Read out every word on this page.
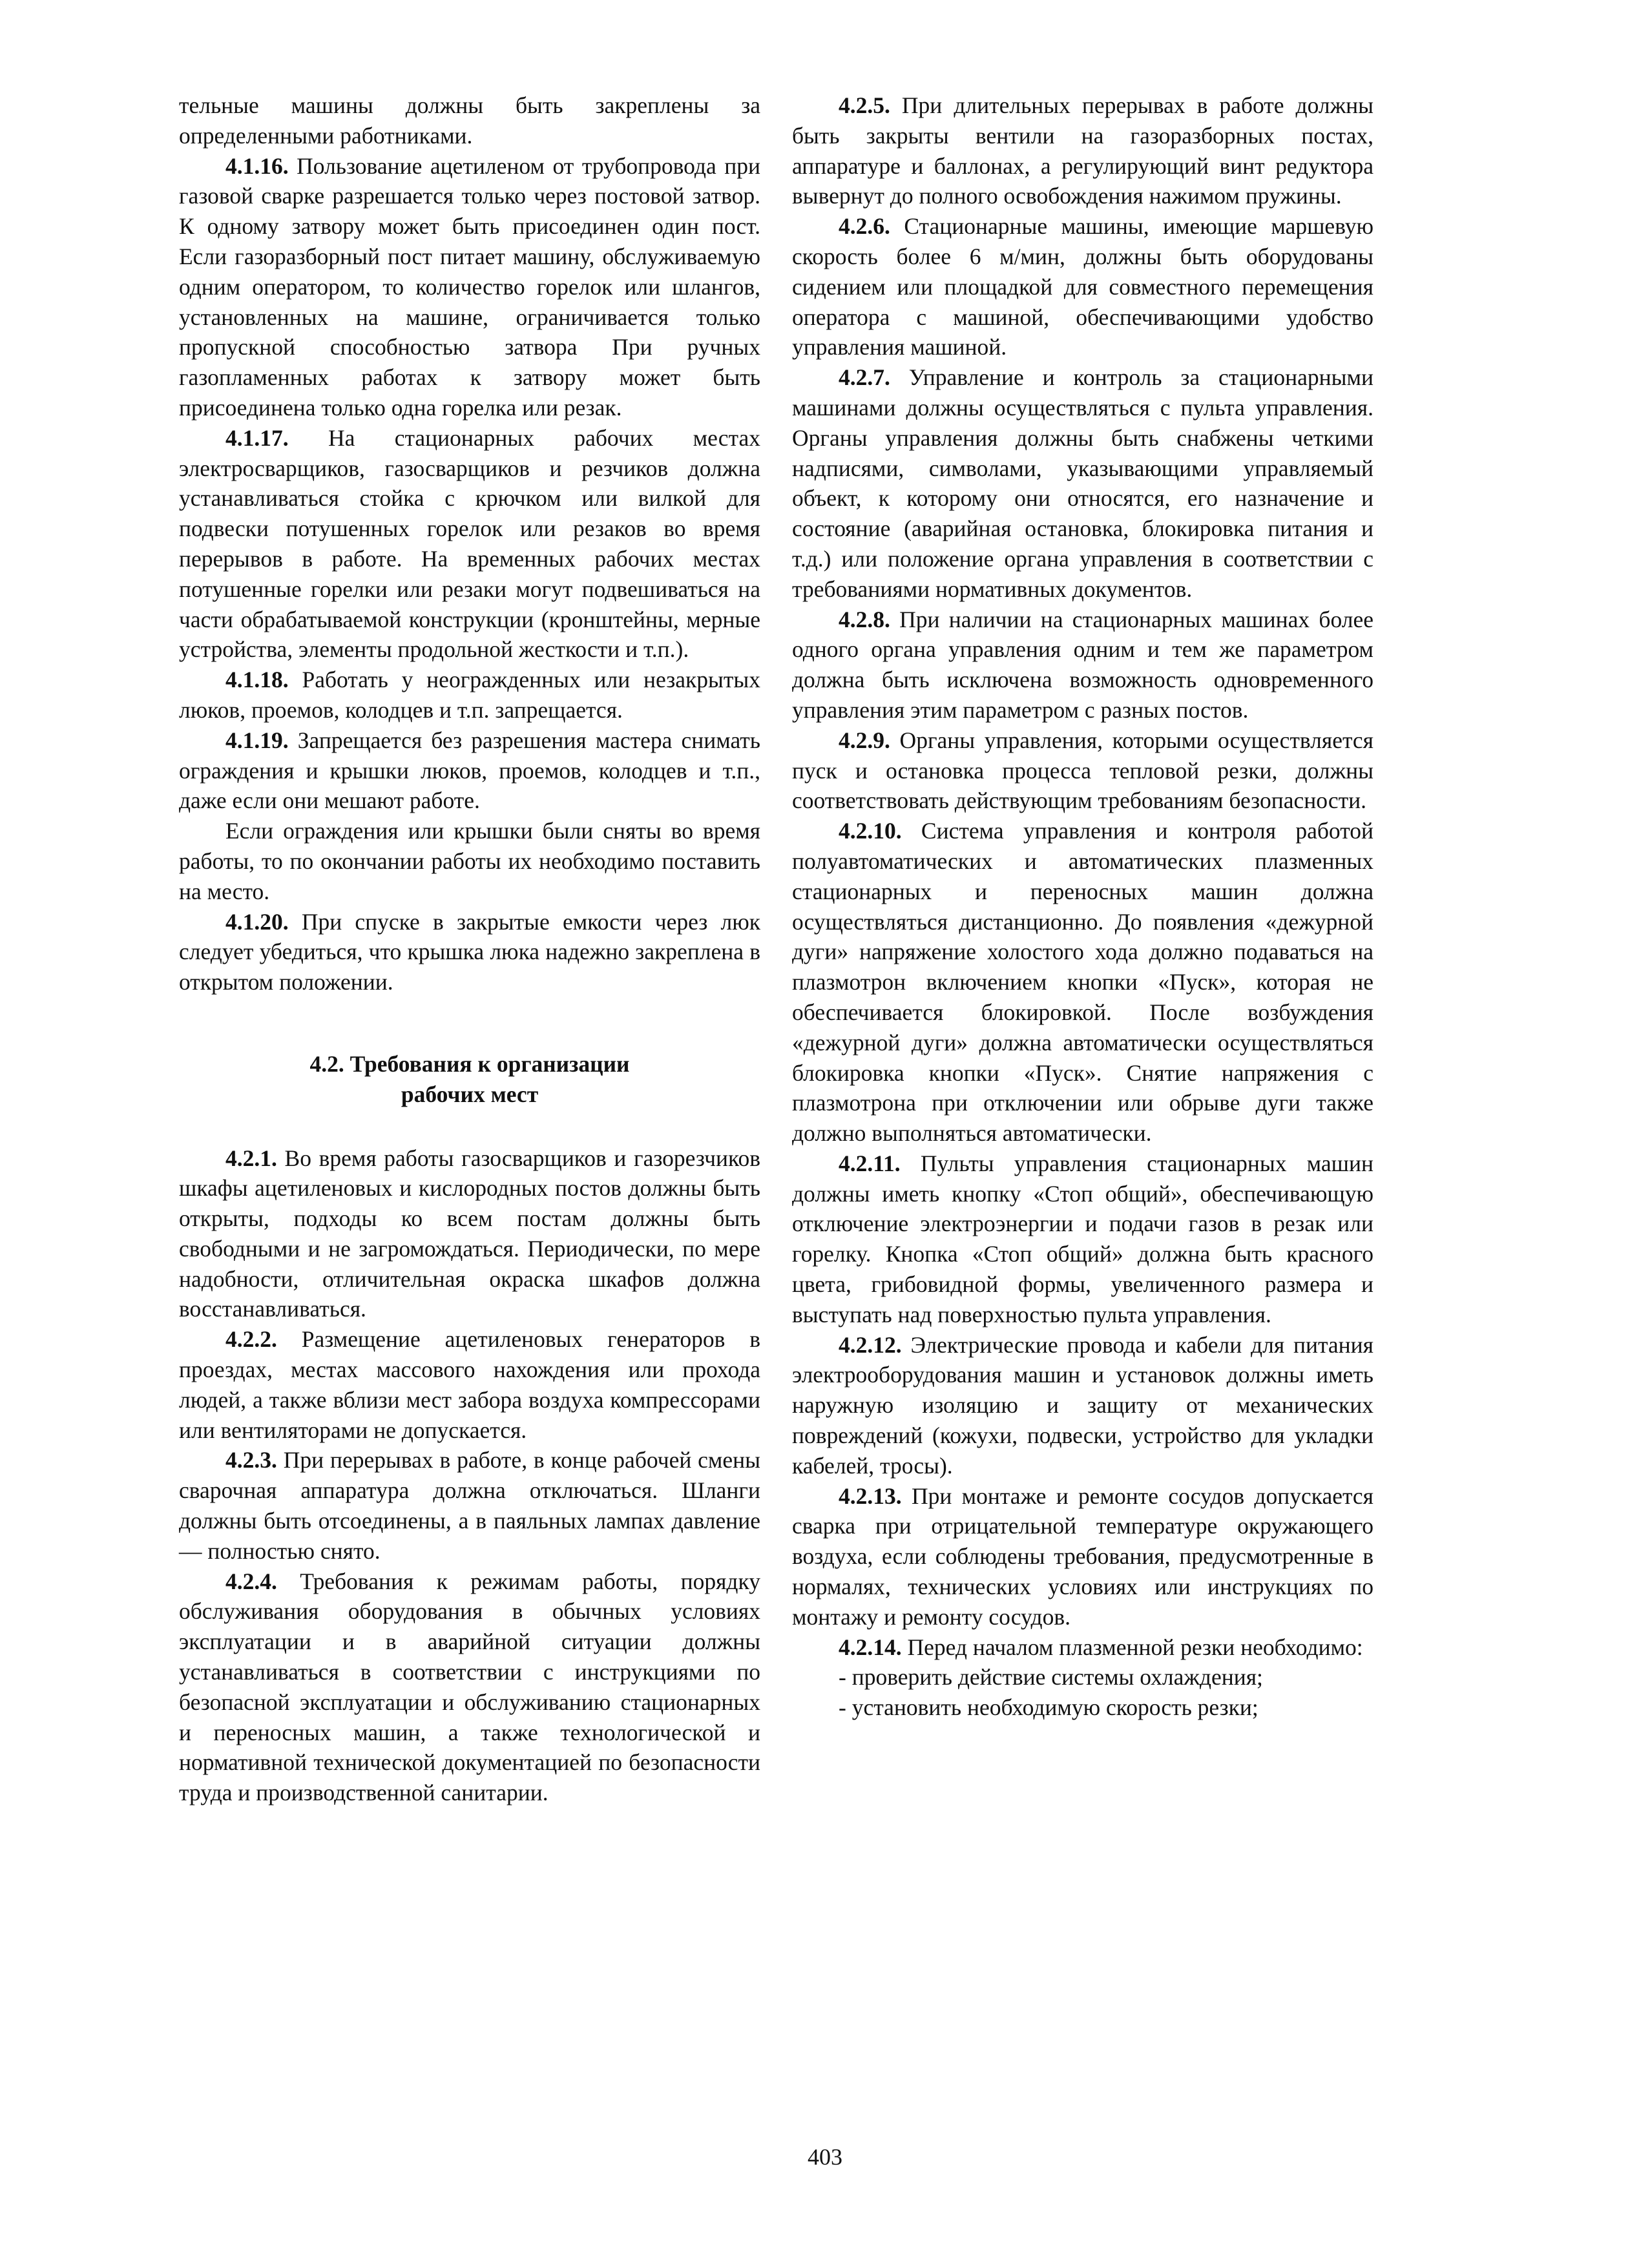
тельные машины должны быть закреплены за определенными работниками.

4.1.16. Пользование ацетиленом от трубопровода при газовой сварке разрешается только через постовой затвор. К одному затвору может быть присоединен один пост. Если газоразборный пост питает машину, обслуживаемую одним оператором, то количество горелок или шлангов, установленных на машине, ограничивается только пропускной способностью затвора При ручных газопламенных работах к затвору может быть присоединена только одна горелка или резак.

4.1.17. На стационарных рабочих местах электросварщиков, газосварщиков и резчиков должна устанавливаться стойка с крючком или вилкой для подвески потушенных горелок или резаков во время перерывов в работе. На временных рабочих местах потушенные горелки или резаки могут подвешиваться на части обрабатываемой конструкции (кронштейны, мерные устройства, элементы продольной жесткости и т.п.).

4.1.18. Работать у неогражденных или незакрытых люков, проемов, колодцев и т.п. запрещается.

4.1.19. Запрещается без разрешения мастера снимать ограждения и крышки люков, проемов, колодцев и т.п., даже если они мешают работе.

Если ограждения или крышки были сняты во время работы, то по окончании работы их необходимо поставить на место.

4.1.20. При спуске в закрытые емкости через люк следует убедиться, что крышка люка надежно закреплена в открытом положении.

4.2. Требования к организации
рабочих мест

4.2.1. Во время работы газосварщиков и газорезчиков шкафы ацетиленовых и кислородных постов должны быть открыты, подходы ко всем постам должны быть свободными и не загромождаться. Периодически, по мере надобности, отличительная окраска шкафов должна восстанавливаться.

4.2.2. Размещение ацетиленовых генераторов в проездах, местах массового нахождения или прохода людей, а также вблизи мест забора воздуха компрессорами или вентиляторами не допускается.

4.2.3. При перерывах в работе, в конце рабочей смены сварочная аппаратура должна отключаться. Шланги должны быть отсоединены, а в паяльных лампах давление — полностью снято.

4.2.4. Требования к режимам работы, порядку обслуживания оборудования в обычных условиях эксплуатации и в аварийной ситуации должны устанавливаться в соответствии с инструкциями по безопасной эксплуатации и обслуживанию стационарных и переносных машин, а также технологической и нормативной технической документацией по безопасности труда и производственной санитарии.

4.2.5. При длительных перерывах в работе должны быть закрыты вентили на газоразборных постах, аппаратуре и баллонах, а регулирующий винт редуктора вывернут до полного освобождения нажимом пружины.

4.2.6. Стационарные машины, имеющие маршевую скорость более 6 м/мин, должны быть оборудованы сидением или площадкой для совместного перемещения оператора с машиной, обеспечивающими удобство управления машиной.

4.2.7. Управление и контроль за стационарными машинами должны осуществляться с пульта управления. Органы управления должны быть снабжены четкими надписями, символами, указывающими управляемый объект, к которому они относятся, его назначение и состояние (аварийная остановка, блокировка питания и т.д.) или положение органа управления в соответствии с требованиями нормативных документов.

4.2.8. При наличии на стационарных машинах более одного органа управления одним и тем же параметром должна быть исключена возможность одновременного управления этим параметром с разных постов.

4.2.9. Органы управления, которыми осуществляется пуск и остановка процесса тепловой резки, должны соответствовать действующим требованиям безопасности.

4.2.10. Система управления и контроля работой полуавтоматических и автоматических плазменных стационарных и переносных машин должна осуществляться дистанционно. До появления «дежурной дуги» напряжение холостого хода должно подаваться на плазмотрон включением кнопки «Пуск», которая не обеспечивается блокировкой. После возбуждения «дежурной дуги» должна автоматически осуществляться блокировка кнопки «Пуск». Снятие напряжения с плазмотрона при отключении или обрыве дуги также должно выполняться автоматически.

4.2.11. Пульты управления стационарных машин должны иметь кнопку «Стоп общий», обеспечивающую отключение электроэнергии и подачи газов в резак или горелку. Кнопка «Стоп общий» должна быть красного цвета, грибовидной формы, увеличенного размера и выступать над поверхностью пульта управления.

4.2.12. Электрические провода и кабели для питания электрооборудования машин и установок должны иметь наружную изоляцию и защиту от механических повреждений (кожухи, подвески, устройство для укладки кабелей, тросы).

4.2.13. При монтаже и ремонте сосудов допускается сварка при отрицательной температуре окружающего воздуха, если соблюдены требования, предусмотренные в нормалях, технических условиях или инструкциях по монтажу и ремонту сосудов.

4.2.14. Перед началом плазменной резки необходимо:

- проверить действие системы охлаждения;

- установить необходимую скорость резки;

403
